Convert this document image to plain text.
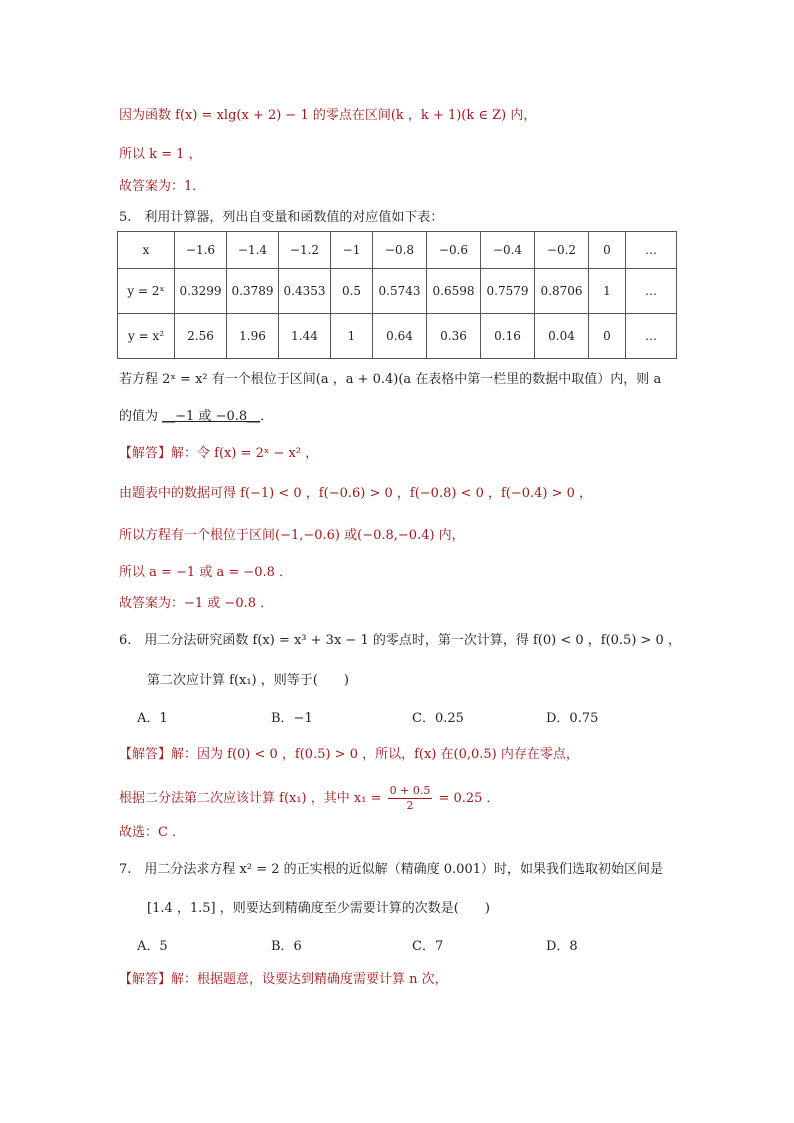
因为函数 f(x) = xlg(x + 2) − 1 的零点在区间(k ，k + 1)(k ∈ Z) 内，
所以 k = 1 ，
故答案为：1．
5.　利用计算器，列出自变量和函数值的对应值如下表：
x	−1.6	−1.4	−1.2	−1	−0.8	−0.6	−0.4	−0.2	0	…
y = 2ˣ	0.3299	0.3789	0.4353	0.5	0.5743	0.6598	0.7579	0.8706	1	…
y = x²	2.56	1.96	1.44	1	0.64	0.36	0.16	0.04	0	…
若方程 2ˣ = x² 有一个根位于区间(a ，a + 0.4)(a 在表格中第一栏里的数据中取值）内，则 a
的值为 __−1 或 −0.8__．
【解答】解：令 f(x) = 2ˣ − x² ，
由题表中的数据可得 f(−1) < 0 ，f(−0.6) > 0 ，f(−0.8) < 0 ，f(−0.4) > 0 ，
所以方程有一个根位于区间(−1,−0.6) 或(−0.8,−0.4) 内，
所以 a = −1 或 a = −0.8 ．
故答案为：−1 或 −0.8 ．
6.　用二分法研究函数 f(x) = x³ + 3x − 1 的零点时，第一次计算，得 f(0) < 0 ，f(0.5) > 0 ，
第二次应计算 f(x₁) ，则等于(　　)
A．1	B．−1	C．0.25	D．0.75
【解答】解：因为 f(0) < 0 ，f(0.5) > 0 ，所以，f(x) 在(0,0.5) 内存在零点，
根据二分法第二次应该计算 f(x₁) ，其中 $x_1 = \frac{0 + 0.5}{2} = 0.25$ ．
故选：C ．
7.　用二分法求方程 x² = 2 的正实根的近似解（精确度 0.001）时，如果我们选取初始区间是
[1.4 ，1.5] ，则要达到精确度至少需要计算的次数是(　　)
A．5	B．6	C．7	D．8
【解答】解：根据题意，设要达到精确度需要计算 n 次，
